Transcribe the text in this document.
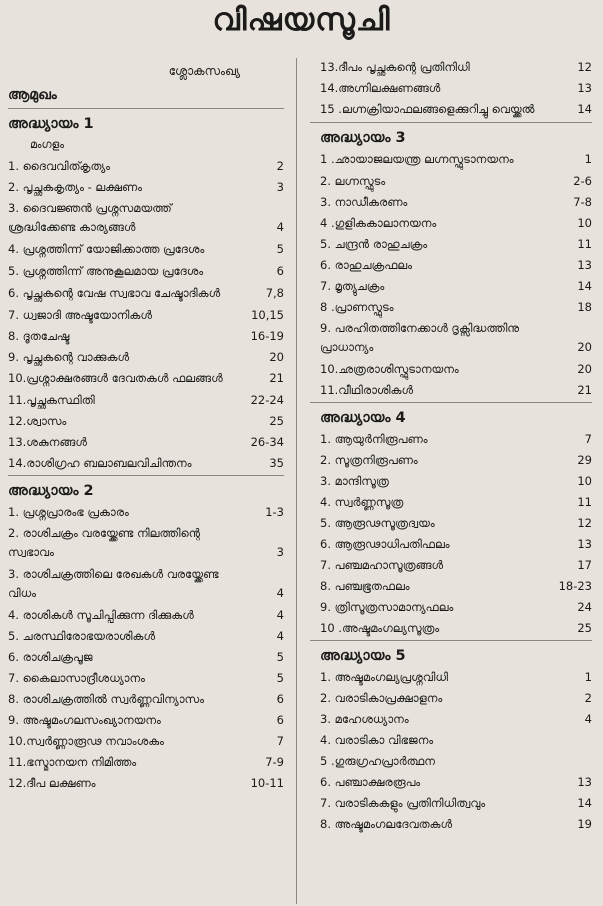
വിഷയസൂചി
ശ്ലോകസംഖ്യ
ആമുഖം
അദ്ധ്യായം 1
മംഗളം
1. ദൈവവിത്കൃത്യം	2
2. പൃച്ഛകകൃത്യം - ലക്ഷണം	3
3. ദൈവജ്ഞൻ പ്രശ്നസമയത്ത് ശ്രദ്ധിക്കേണ്ട കാര്യങ്ങൾ	4
4. പ്രശ്നത്തിന്ന് യോജിക്കാത്ത പ്രദേശം	5
5. പ്രശ്നത്തിന്ന് അനുകൂലമായ പ്രദേശം	6
6. പൃച്ഛകന്റെ വേഷ സ്വഭാവ ചേഷ്ടാദികൾ	7,8
7. ധ്വജാദി അഷ്ടയോനികൾ	10,15
8. ദൂതചേഷ്ട	16-19
9. പൃച്ഛകന്റെ വാക്കുകൾ	20
10.പ്രശ്നാക്ഷരങ്ങൾ ദേവതകൾ ഫലങ്ങൾ	21
11.പൃച്ഛകസ്ഥിതി	22-24
12.ശ്വാസം	25
13.ശകുനങ്ങൾ	26-34
14.രാശിഗ്രഹ ബലാബലവിചിന്തനം	35
അദ്ധ്യായം 2
1. പ്രശ്നപ്രാരംഭ പ്രകാരം	1-3
2. രാശിചക്രം വരയ്ക്കേണ്ട നിലത്തിന്റെ സ്വഭാവം	3
3. രാശിചക്രത്തിലെ രേഖകൾ വരയ്ക്കേണ്ട വിധം	4
4. രാശികൾ സൂചിപ്പിക്കുന്ന ദിക്കുകൾ	4
5. ചരസ്ഥിരോഭയരാശികൾ	4
6. രാശിചക്രപൂജ	5
7. കൈലാസാദ്രീശധ്യാനം	5
8. രാശിചക്രത്തിൽ സ്വർണ്ണവിന്യാസം	6
9. അഷ്ടമംഗലസംഖ്യാനയനം	6
10.സ്വർണ്ണാരൂഢ നവാംശകം	7
11.ഭസ്മാനയന നിമിത്തം	7-9
12.ദീപ ലക്ഷണം	10-11
13.ദീപം പൃച്ഛകന്റെ പ്രതിനിധി	12
14.അഗ്നിലക്ഷണങ്ങൾ	13
15 .ലഗ്നക്രിയാഫലങ്ങളെക്കുറിച്ചു വെയ്ക്കൽ	14
അദ്ധ്യായം 3
1 .ഛായാജലയന്ത്ര ലഗ്നസ്ഫുടാനയനം	1
2. ലഗ്നസ്ഫുടം	2-6
3. നാഡീകരണം	7-8
4 .ഗുളികകാലാനയനം	10
5. ചന്ദ്രൻ രാഹുചക്രം	11
6. രാഹുചക്രഫലം	13
7. മൃത്യുചക്രം	14
8 .പ്രാണസ്ഫുടം	18
9. പരഹിതത്തിനേക്കാൾ ദൃക്സിദ്ധത്തിനു പ്രാധാന്യം	20
10.ഛത്രരാശിസ്ഫുടാനയനം	20
11.വീഥിരാശികൾ	21
അദ്ധ്യായം 4
1. ആയുർനിരൂപണം	7
2. സൂത്രനിരൂപണം	29
3. മാന്ദിസൂത്ര	10
4. സ്വർണ്ണസൂത്ര	11
5. ആരൂഢസൂത്രദ്വയം	12
6. ആരൂഢാധിപതിഫലം	13
7. പഞ്ചമഹാസൂത്രങ്ങൾ	17
8. പഞ്ചഭൂതഫലം	18-23
9. ത്രിസൂത്രസാമാന്യഫലം	24
10 .അഷ്ടമംഗല്യസൂത്രം	25
അദ്ധ്യായം 5
1. അഷ്ടമംഗല്യപ്രശ്നവിധി	1
2. വരാടികാപ്രക്ഷാളനം	2
3. മഹേശധ്യാനം	4
4. വരാടികാ വിഭജനം
5 .ഗുരുഗ്രഹപ്രാർത്ഥന
6. പഞ്ചാക്ഷരരൂപം	13
7. വരാടികകളും പ്രതിനിധിത്വവും	14
8. അഷ്ടമംഗലദേവതകൾ	19
